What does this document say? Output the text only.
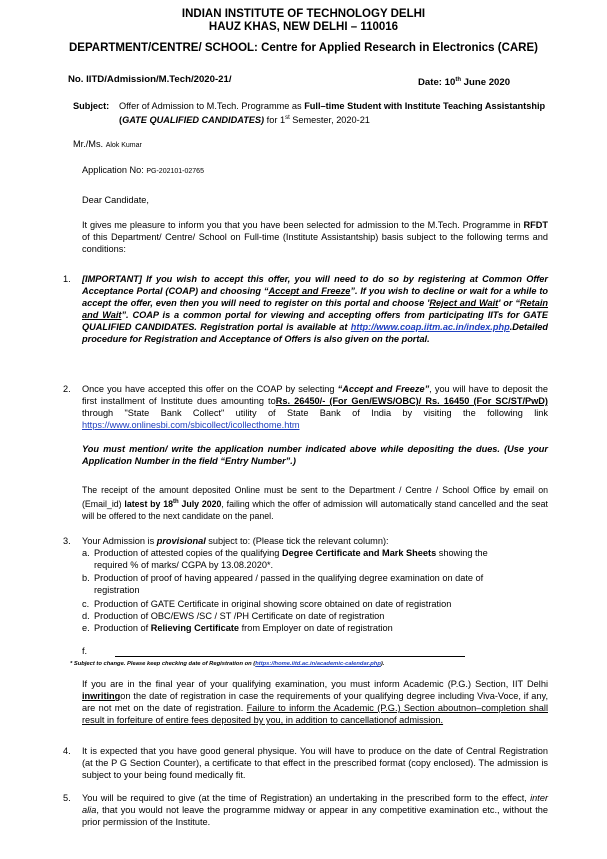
INDIAN INSTITUTE OF TECHNOLOGY DELHI
HAUZ KHAS, NEW DELHI – 110016
DEPARTMENT/CENTRE/ SCHOOL: Centre for Applied Research in Electronics (CARE)
No. IITD/Admission/M.Tech/2020-21/	Date: 10th June 2020
Subject: Offer of Admission to M.Tech. Programme as Full–time Student with Institute Teaching Assistantship (GATE QUALIFIED CANDIDATES) for 1st Semester, 2020-21
Mr./Ms. Alok Kumar
Application No: PG-202101-02765
Dear Candidate,
It gives me pleasure to inform you that you have been selected for admission to the M.Tech. Programme in RFDT of this Department/ Centre/ School on Full-time (Institute Assistantship) basis subject to the following terms and conditions:
1. [IMPORTANT] If you wish to accept this offer, you will need to do so by registering at Common Offer Acceptance Portal (COAP) and choosing “Accept and Freeze”. If you wish to decline or wait for a while to accept the offer, even then you will need to register on this portal and choose 'Reject and Wait' or “Retain and Wait”. COAP is a common portal for viewing and accepting offers from participating IITs for GATE QUALIFIED CANDIDATES. Registration portal is available at http://www.coap.iitm.ac.in/index.php.Detailed procedure for Registration and Acceptance of Offers is also given on the portal.
2. Once you have accepted this offer on the COAP by selecting “Accept and Freeze”, you will have to deposit the first installment of Institute dues amounting toRs. 26450/- (For Gen/EWS/OBC)/ Rs. 16450 (For SC/ST/PwD) through "State Bank Collect" utility of State Bank of India by visiting the following link https://www.onlinesbi.com/sbicollect/icollecthome.htm
You must mention/ write the application number indicated above while depositing the dues. (Use your Application Number in the field “Entry Number”.)
The receipt of the amount deposited Online must be sent to the Department / Centre / School Office by email on (Email_id) latest by 18th July 2020, failing which the offer of admission will automatically stand cancelled and the seat will be offered to the next candidate on the panel.
3. Your Admission is provisional subject to: (Please tick the relevant column):
a. Production of attested copies of the qualifying Degree Certificate and Mark Sheets showing the
required % of marks/ CGPA by 13.08.2020*.
b. Production of proof of having appeared / passed in the qualifying degree examination on date of
registration
c. Production of GATE Certificate in original showing score obtained on date of registration
d. Production of OBC/EWS /SC / ST /PH Certificate on date of registration
e. Production of Relieving Certificate from Employer on date of registration
f.
* Subject to change. Please keep checking date of Registration on (https://home.iitd.ac.in/academic-calendar.php).
If you are in the final year of your qualifying examination, you must inform Academic (P.G.) Section, IIT Delhi inwritingon the date of registration in case the requirements of your qualifying degree including Viva-Voce, if any, are not met on the date of registration. Failure to inform the Academic (P.G.) Section aboutnon–completion shall result in forfeiture of entire fees deposited by you, in addition to cancellationof admission.
4. It is expected that you have good general physique. You will have to produce on the date of Central Registration (at the P G Section Counter), a certificate to that effect in the prescribed format (copy enclosed). The admission is subject to your being found medically fit.
5. You will be required to give (at the time of Registration) an undertaking in the prescribed form to the effect, inter alia, that you would not leave the programme midway or appear in any competitive examination etc., without the prior permission of the Institute.
